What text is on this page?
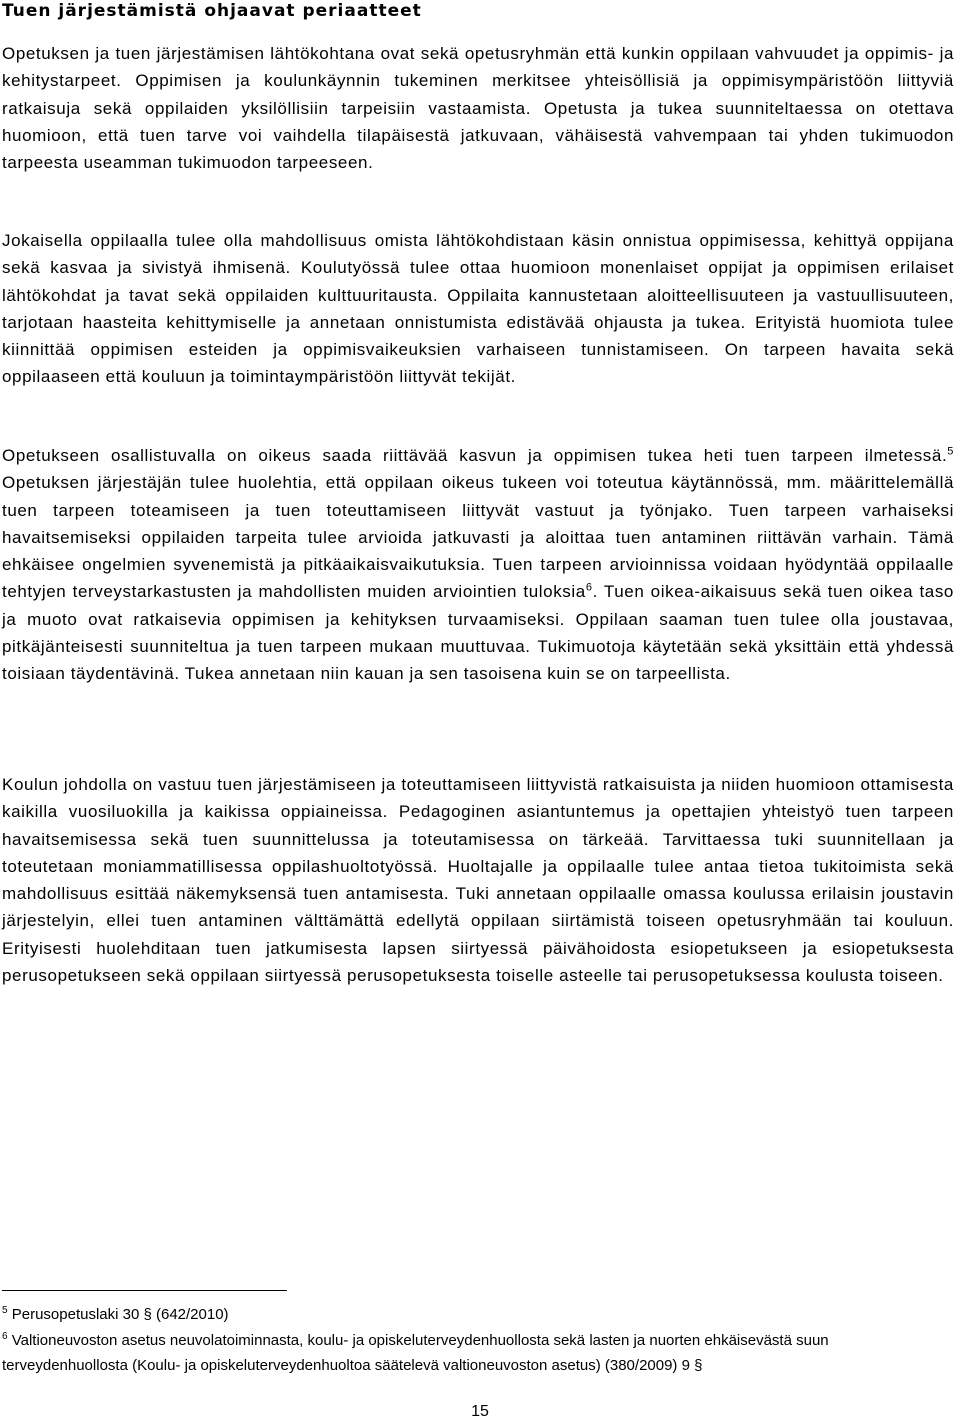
Tuen järjestämistä ohjaavat periaatteet

Opetuksen ja tuen järjestämisen lähtökohtana ovat sekä opetusryhmän että kunkin oppilaan vahvuudet ja oppimis- ja kehitystarpeet. Oppimisen ja koulunkäynnin tukeminen merkitsee yhteisöllisiä ja oppimisympäristöön liittyviä ratkaisuja sekä oppilaiden yksilöllisiin tarpeisiin vastaamista. Opetusta ja tukea suunniteltaessa on otettava huomioon, että tuen tarve voi vaihdella tilapäisestä jatkuvaan, vähäisestä vahvempaan tai yhden tukimuodon tarpeesta useamman tukimuodon tarpeeseen.

Jokaisella oppilaalla tulee olla mahdollisuus omista lähtökohdistaan käsin onnistua oppimisessa, kehittyä oppijana sekä kasvaa ja sivistyä ihmisenä. Koulutyössä tulee ottaa huomioon monenlaiset oppijat ja oppimisen erilaiset lähtökohdat ja tavat sekä oppilaiden kulttuuritausta. Oppilaita kannustetaan aloitteellisuuteen ja vastuullisuuteen, tarjotaan haasteita kehittymiselle ja annetaan onnistumista edistävää ohjausta ja tukea. Erityistä huomiota tulee kiinnittää oppimisen esteiden ja oppimisvaikeuksien varhaiseen tunnistamiseen. On tarpeen havaita sekä oppilaaseen että kouluun ja toimintaympäristöön liittyvät tekijät.

Opetukseen osallistuvalla on oikeus saada riittävää kasvun ja oppimisen tukea heti tuen tarpeen ilmetessä.$^5$ Opetuksen järjestäjän tulee huolehtia, että oppilaan oikeus tukeen voi toteutua käytännössä, mm. määrittelemällä tuen tarpeen toteamiseen ja tuen toteuttamiseen liittyvät vastuut ja työnjako. Tuen tarpeen varhaiseksi havaitsemiseksi oppilaiden tarpeita tulee arvioida jatkuvasti ja aloittaa tuen antaminen riittävän varhain. Tämä ehkäisee ongelmien syvenemistä ja pitkäaikaisvaikutuksia. Tuen tarpeen arvioinnissa voidaan hyödyntää oppilaalle tehtyjen terveystarkastusten ja mahdollisten muiden arviointien tuloksia$^6$. Tuen oikea-aikaisuus sekä tuen oikea taso ja muoto ovat ratkaisevia oppimisen ja kehityksen turvaamiseksi. Oppilaan saaman tuen tulee olla joustavaa, pitkäjänteisesti suunniteltua ja tuen tarpeen mukaan muuttuvaa. Tukimuotoja käytetään sekä yksittäin että yhdessä toisiaan täydentävinä. Tukea annetaan niin kauan ja sen tasoisena kuin se on tarpeellista.

Koulun johdolla on vastuu tuen järjestämiseen ja toteuttamiseen liittyvistä ratkaisuista ja niiden huomioon ottamisesta kaikilla vuosiluokilla ja kaikissa oppiaineissa. Pedagoginen asiantuntemus ja opettajien yhteistyö tuen tarpeen havaitsemisessa sekä tuen suunnittelussa ja toteutamisessa on tärkeää. Tarvittaessa tuki suunnitellaan ja toteutetaan moniammatillisessa oppilashuoltotyössä. Huoltajalle ja oppilaalle tulee antaa tietoa tukitoimista sekä mahdollisuus esittää näkemyksensä tuen antamisesta. Tuki annetaan oppilaalle omassa koulussa erilaisin joustavin järjestelyin, ellei tuen antaminen välttämättä edellytä oppilaan siirtämistä toiseen opetusryhmään tai kouluun. Erityisesti huolehditaan tuen jatkumisesta lapsen siirtyessä päivähoidosta esiopetukseen ja esiopetuksesta perusopetukseen sekä oppilaan siirtyessä perusopetuksesta toiselle asteelle tai perusopetuksessa koulusta toiseen.

$^5$ Perusopetuslaki 30 § (642/2010)

$^6$ Valtioneuvoston asetus neuvolatoiminnasta, koulu- ja opiskeluterveydenhuollosta sekä lasten ja nuorten ehkäisevästä suun terveydenhuollosta (Koulu- ja opiskeluterveydenhuoltoa säätelevä valtioneuvoston asetus) (380/2009) 9 §

15
